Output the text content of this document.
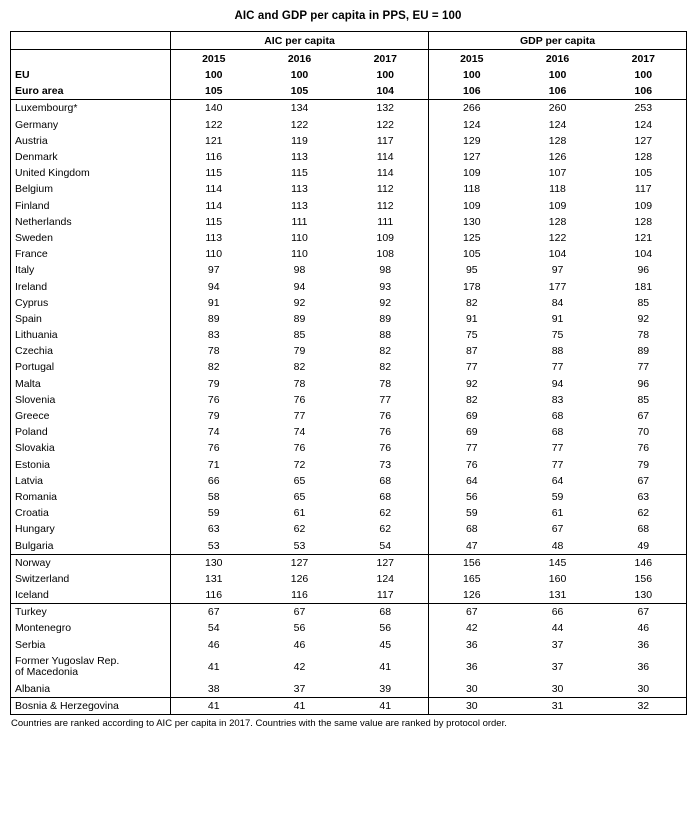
AIC and GDP per capita in PPS, EU = 100
	AIC per capita			GDP per capita		
	2015	2016	2017	2015	2016	2017
EU	100	100	100	100	100	100
Euro area	105	105	104	106	106	106
Luxembourg*	140	134	132	266	260	253
Germany	122	122	122	124	124	124
Austria	121	119	117	129	128	127
Denmark	116	113	114	127	126	128
United Kingdom	115	115	114	109	107	105
Belgium	114	113	112	118	118	117
Finland	114	113	112	109	109	109
Netherlands	115	111	111	130	128	128
Sweden	113	110	109	125	122	121
France	110	110	108	105	104	104
Italy	97	98	98	95	97	96
Ireland	94	94	93	178	177	181
Cyprus	91	92	92	82	84	85
Spain	89	89	89	91	91	92
Lithuania	83	85	88	75	75	78
Czechia	78	79	82	87	88	89
Portugal	82	82	82	77	77	77
Malta	79	78	78	92	94	96
Slovenia	76	76	77	82	83	85
Greece	79	77	76	69	68	67
Poland	74	74	76	69	68	70
Slovakia	76	76	76	77	77	76
Estonia	71	72	73	76	77	79
Latvia	66	65	68	64	64	67
Romania	58	65	68	56	59	63
Croatia	59	61	62	59	61	62
Hungary	63	62	62	68	67	68
Bulgaria	53	53	54	47	48	49
Norway	130	127	127	156	145	146
Switzerland	131	126	124	165	160	156
Iceland	116	116	117	126	131	130
Turkey	67	67	68	67	66	67
Montenegro	54	56	56	42	44	46
Serbia	46	46	45	36	37	36
Former Yugoslav Rep.
of Macedonia	41	42	41	36	37	36
Albania	38	37	39	30	30	30
Bosnia & Herzegovina	41	41	41	30	31	32
Countries are ranked according to AIC per capita in 2017. Countries with the same value are ranked by protocol order.
